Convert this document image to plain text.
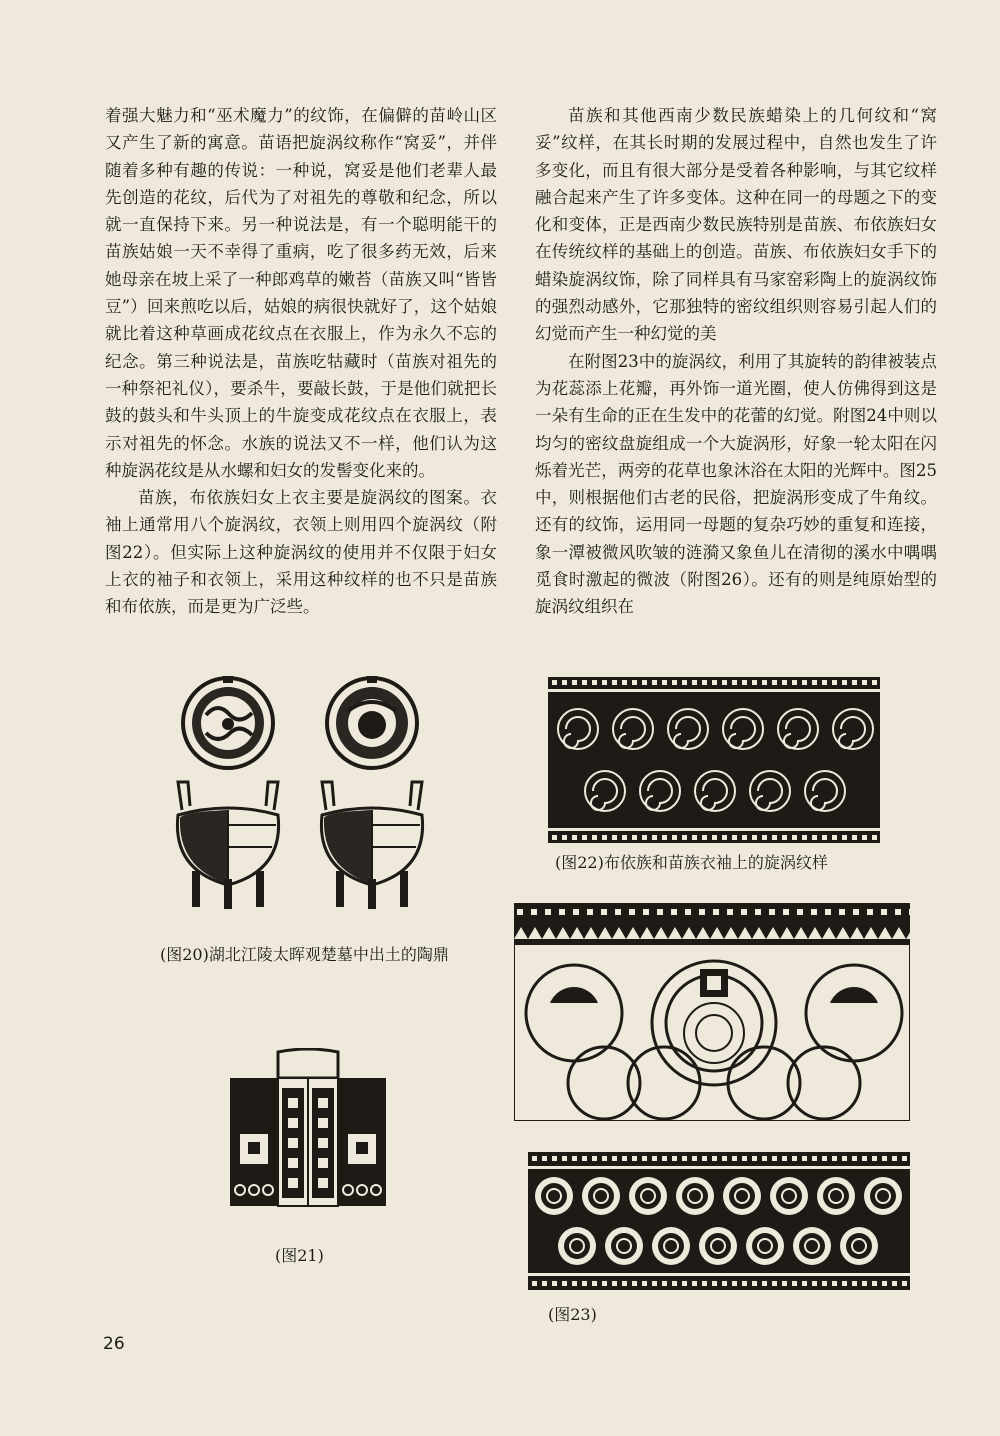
着强大魅力和“巫术魔力”的纹饰，在偏僻的苗岭山区又产生了新的寓意。苗语把旋涡纹称作“窝妥”，并伴随着多种有趣的传说：一种说，窝妥是他们老辈人最先创造的花纹，后代为了对祖先的尊敬和纪念，所以就一直保持下来。另一种说法是，有一个聪明能干的苗族姑娘一天不幸得了重病，吃了很多药无效，后来她母亲在坡上采了一种郎鸡草的嫩苔（苗族又叫“皆皆豆”）回来煎吃以后，姑娘的病很快就好了，这个姑娘就比着这种草画成花纹点在衣服上，作为永久不忘的纪念。第三种说法是，苗族吃牯藏时（苗族对祖先的一种祭祀礼仪），要杀牛，要敲长鼓，于是他们就把长鼓的鼓头和牛头顶上的牛旋变成花纹点在衣服上，表示对祖先的怀念。水族的说法又不一样，他们认为这种旋涡花纹是从水螺和妇女的发髻变化来的。

苗族，布依族妇女上衣主要是旋涡纹的图案。衣袖上通常用八个旋涡纹，衣领上则用四个旋涡纹（附图22）。但实际上这种旋涡纹的使用并不仅限于妇女上衣的袖子和衣领上，采用这种纹样的也不只是苗族和布依族，而是更为广泛些。

苗族和其他西南少数民族蜡染上的几何纹和“窝妥”纹样，在其长时期的发展过程中，自然也发生了许多变化，而且有很大部分是受着各种影响，与其它纹样融合起来产生了许多变体。这种在同一的母题之下的变化和变体，正是西南少数民族特别是苗族、布依族妇女在传统纹样的基础上的创造。苗族、布依族妇女手下的蜡染旋涡纹饰，除了同样具有马家窑彩陶上的旋涡纹饰的强烈动感外，它那独特的密纹组织则容易引起人们的幻觉而产生一种幻觉的美

在附图23中的旋涡纹，利用了其旋转的韵律被装点为花蕊添上花瓣，再外饰一道光圈，使人仿佛得到这是一朵有生命的正在生发中的花蕾的幻觉。附图24中则以均匀的密纹盘旋组成一个大旋涡形，好象一轮太阳在闪烁着光芒，两旁的花草也象沐浴在太阳的光辉中。图25中，则根据他们古老的民俗，把旋涡形变成了牛角纹。还有的纹饰，运用同一母题的复杂巧妙的重复和连接，象一潭被微风吹皱的涟漪又象鱼儿在清彻的溪水中喁喁觅食时激起的微波（附图26）。还有的则是纯原始型的旋涡纹组织在

(图20)湖北江陵太晖观楚墓中出土的陶鼎
(图21)
(图22)布依族和苗族衣袖上的旋涡纹样
(图23)
26
